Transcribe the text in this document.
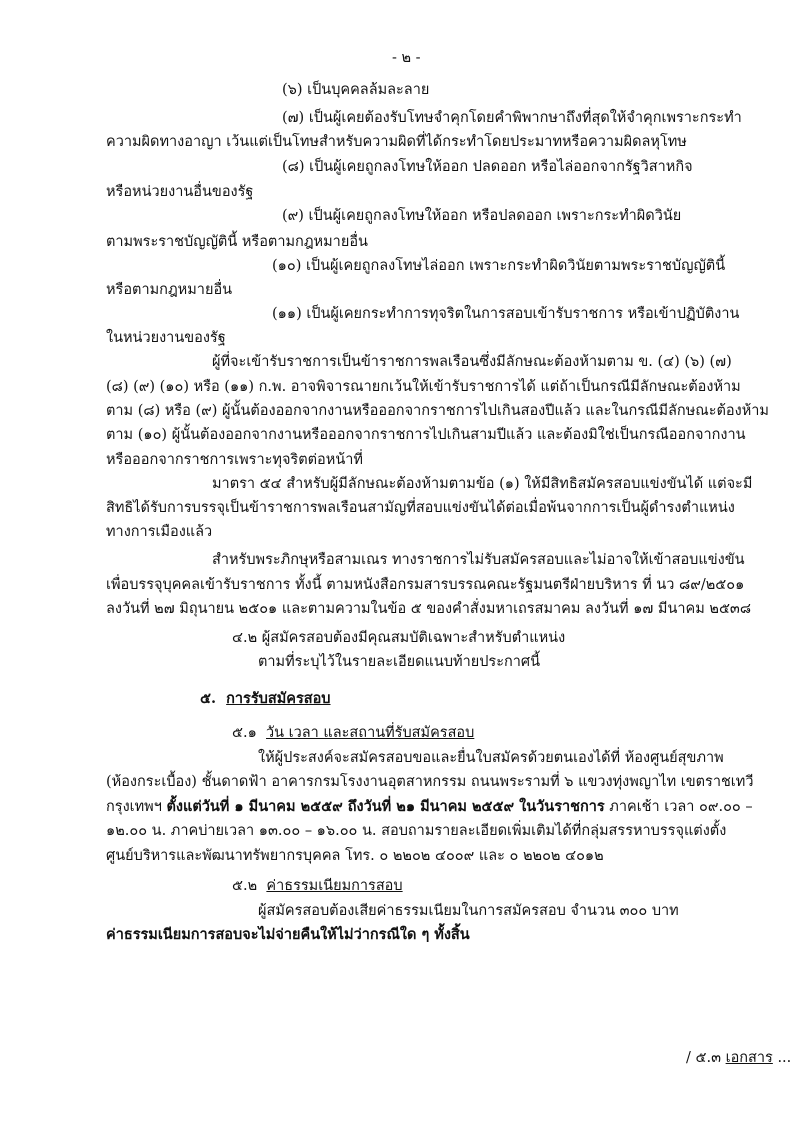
- ๒ -
(๖) เป็นบุคคลล้มละลาย
(๗) เป็นผู้เคยต้องรับโทษจำคุกโดยคำพิพากษาถึงที่สุดให้จำคุกเพราะกระทำ
ความผิดทางอาญา เว้นแต่เป็นโทษสำหรับความผิดที่ได้กระทำโดยประมาทหรือความผิดลหุโทษ
(๘) เป็นผู้เคยถูกลงโทษให้ออก ปลดออก หรือไล่ออกจากรัฐวิสาหกิจ
หรือหน่วยงานอื่นของรัฐ
(๙) เป็นผู้เคยถูกลงโทษให้ออก หรือปลดออก เพราะกระทำผิดวินัย
ตามพระราชบัญญัตินี้ หรือตามกฎหมายอื่น
(๑๐) เป็นผู้เคยถูกลงโทษไล่ออก เพราะกระทำผิดวินัยตามพระราชบัญญัตินี้
หรือตามกฎหมายอื่น
(๑๑) เป็นผู้เคยกระทำการทุจริตในการสอบเข้ารับราชการ หรือเข้าปฏิบัติงาน
ในหน่วยงานของรัฐ
ผู้ที่จะเข้ารับราชการเป็นข้าราชการพลเรือนซึ่งมีลักษณะต้องห้ามตาม ข. (๔) (๖) (๗)
(๘) (๙) (๑๐) หรือ (๑๑) ก.พ. อาจพิจารณายกเว้นให้เข้ารับราชการได้ แต่ถ้าเป็นกรณีมีลักษณะต้องห้าม
ตาม (๘) หรือ (๙) ผู้นั้นต้องออกจากงานหรือออกจากราชการไปเกินสองปีแล้ว และในกรณีมีลักษณะต้องห้าม
ตาม (๑๐) ผู้นั้นต้องออกจากงานหรือออกจากราชการไปเกินสามปีแล้ว และต้องมิใช่เป็นกรณีออกจากงาน
หรือออกจากราชการเพราะทุจริตต่อหน้าที่
มาตรา ๕๔ สำหรับผู้มีลักษณะต้องห้ามตามข้อ (๑) ให้มีสิทธิสมัครสอบแข่งขันได้ แต่จะมี
สิทธิได้รับการบรรจุเป็นข้าราชการพลเรือนสามัญที่สอบแข่งขันได้ต่อเมื่อพ้นจากการเป็นผู้ดำรงตำแหน่ง
ทางการเมืองแล้ว
สำหรับพระภิกษุหรือสามเณร ทางราชการไม่รับสมัครสอบและไม่อาจให้เข้าสอบแข่งขัน
เพื่อบรรจุบุคคลเข้ารับราชการ ทั้งนี้ ตามหนังสือกรมสารบรรณคณะรัฐมนตรีฝ่ายบริหาร ที่ นว ๘๙/๒๕๐๑
ลงวันที่ ๒๗ มิถุนายน ๒๕๐๑ และตามความในข้อ ๕ ของคำสั่งมหาเถรสมาคม ลงวันที่ ๑๗ มีนาคม ๒๕๓๘
๔.๒ ผู้สมัครสอบต้องมีคุณสมบัติเฉพาะสำหรับตำแหน่ง
ตามที่ระบุไว้ในรายละเอียดแนบท้ายประกาศนี้
๕. การรับสมัครสอบ
๕.๑ วัน เวลา และสถานที่รับสมัครสอบ
ให้ผู้ประสงค์จะสมัครสอบขอและยื่นใบสมัครด้วยตนเองได้ที่ ห้องศูนย์สุขภาพ
(ห้องกระเบื้อง) ชั้นดาดฟ้า อาคารกรมโรงงานอุตสาหกรรม ถนนพระรามที่ ๖ แขวงทุ่งพญาไท เขตราชเทวี
กรุงเทพฯ ตั้งแต่วันที่ ๑ มีนาคม ๒๕๕๙ ถึงวันที่ ๒๑ มีนาคม ๒๕๕๙ ในวันราชการ ภาคเช้า เวลา ๐๙.๐๐ –
๑๒.๐๐ น. ภาคบ่ายเวลา ๑๓.๐๐ – ๑๖.๐๐ น. สอบถามรายละเอียดเพิ่มเติมได้ที่กลุ่มสรรหาบรรจุแต่งตั้ง
ศูนย์บริหารและพัฒนาทรัพยากรบุคคล โทร. ๐ ๒๒๐๒ ๔๐๐๙ และ ๐ ๒๒๐๒ ๔๐๑๒
๕.๒ ค่าธรรมเนียมการสอบ
ผู้สมัครสอบต้องเสียค่าธรรมเนียมในการสมัครสอบ จำนวน ๓๐๐ บาท
ค่าธรรมเนียมการสอบจะไม่จ่ายคืนให้ไม่ว่ากรณีใด ๆ ทั้งสิ้น
/ ๕.๓ เอกสาร ...
